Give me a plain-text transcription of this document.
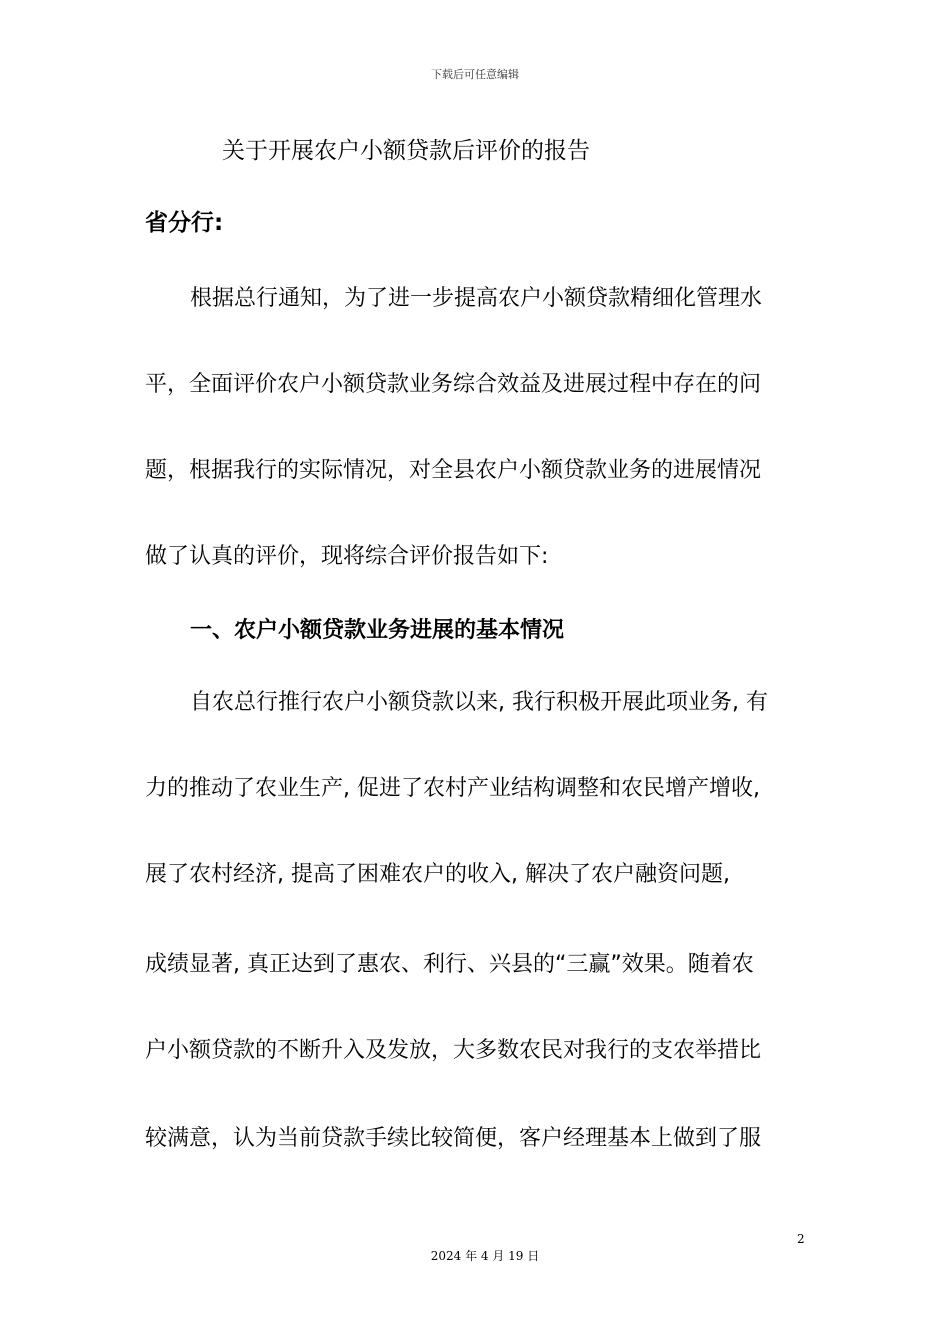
下载后可任意编辑
关于开展农户小额贷款后评价的报告
省分行:
根据总行通知，为了进一步提高农户小额贷款精细化管理水
平，全面评价农户小额贷款业务综合效益及进展过程中存在的问
题，根据我行的实际情况，对全县农户小额贷款业务的进展情况
做了认真的评价，现将综合评价报告如下:
一、农户小额贷款业务进展的基本情况
自农总行推行农户小额贷款以来, 我行积极开展此项业务, 有
力的推动了农业生产, 促进了农村产业结构调整和农民增产增收,
展了农村经济, 提高了困难农户的收入, 解决了农户融资问题,
成绩显著, 真正达到了惠农、利行、兴县的“三赢”效果。随着农
户小额贷款的不断升入及发放，大多数农民对我行的支农举措比
较满意，认为当前贷款手续比较简便，客户经理基本上做到了服
2
2024 年 4 月 19 日
